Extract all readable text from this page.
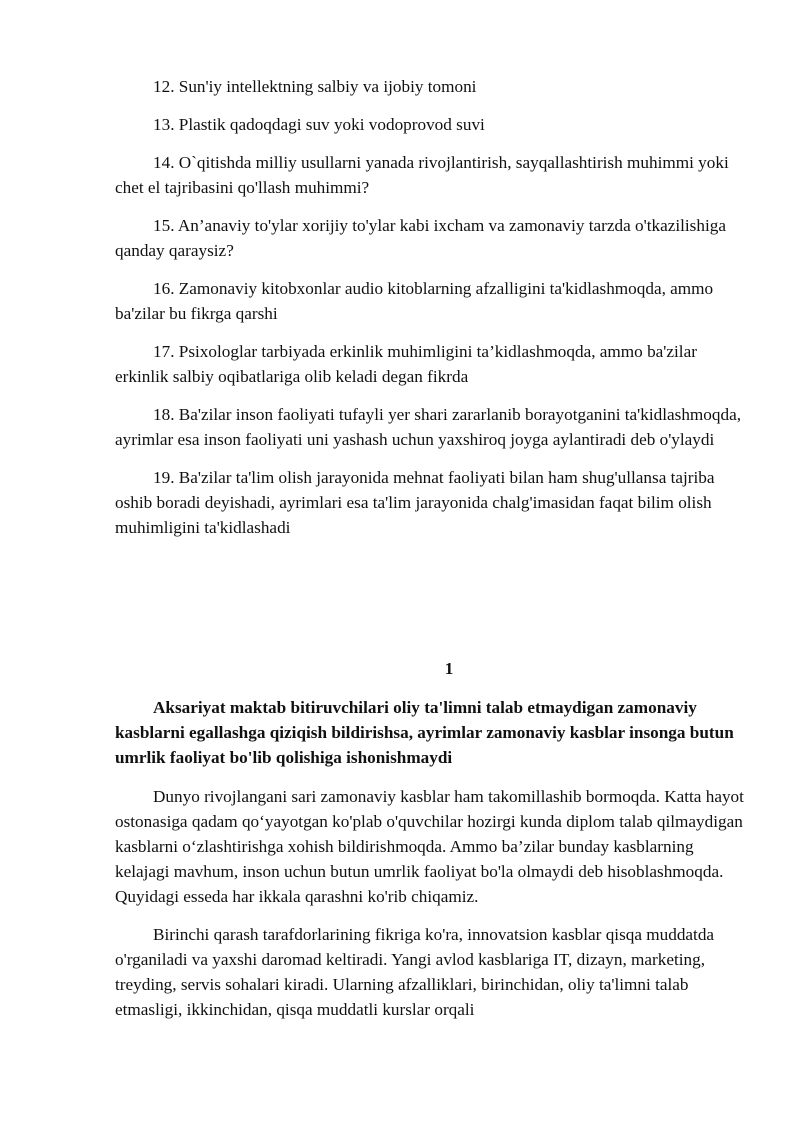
12. Sun'iy intellektning salbiy va ijobiy tomoni

13. Plastik qadoqdagi suv yoki vodoprovod suvi

14. O`qitishda milliy usullarni yanada rivojlantirish, sayqallashtirish muhimmi yoki chet el tajribasini qo'llash muhimmi?

15. An’anaviy to'ylar xorijiy to'ylar kabi ixcham va zamonaviy tarzda o'tkazilishiga qanday qaraysiz?

16. Zamonaviy kitobxonlar audio kitoblarning afzalligini ta'kidlashmoqda, ammo ba'zilar bu fikrga qarshi

17. Psixologlar tarbiyada erkinlik muhimligini ta’kidlashmoqda, ammo ba'zilar erkinlik salbiy oqibatlariga olib keladi degan fikrda

18. Ba'zilar inson faoliyati tufayli yer shari zararlanib borayotganini ta'kidlashmoqda, ayrimlar esa inson faoliyati uni yashash uchun yaxshiroq joyga aylantiradi deb o'ylaydi

19. Ba'zilar ta'lim olish jarayonida mehnat faoliyati bilan ham shug'ullansa tajriba oshib boradi deyishadi, ayrimlari esa ta'lim jarayonida chalg'imasidan faqat bilim olish muhimligini ta'kidlashadi

1

Aksariyat maktab bitiruvchilari oliy ta'limni talab etmaydigan zamonaviy kasblarni egallashga qiziqish bildirishsa, ayrimlar zamonaviy kasblar insonga butun umrlik faoliyat bo'lib qolishiga ishonishmaydi

Dunyo rivojlangani sari zamonaviy kasblar ham takomillashib bormoqda. Katta hayot ostonasiga qadam qo‘yayotgan ko'plab o'quvchilar hozirgi kunda diplom talab qilmaydigan kasblarni o‘zlashtirishga xohish bildirishmoqda. Ammo ba’zilar bunday kasblarning kelajagi mavhum, inson uchun butun umrlik faoliyat bo'la olmaydi deb hisoblashmoqda. Quyidagi esseda har ikkala qarashni ko'rib chiqamiz.

Birinchi qarash tarafdorlarining fikriga ko'ra, innovatsion kasblar qisqa muddatda o'rganiladi va yaxshi daromad keltiradi. Yangi avlod kasblariga IT, dizayn, marketing, treyding, servis sohalari kiradi. Ularning afzalliklari, birinchidan, oliy ta'limni talab etmasligi, ikkinchidan, qisqa muddatli kurslar orqali
